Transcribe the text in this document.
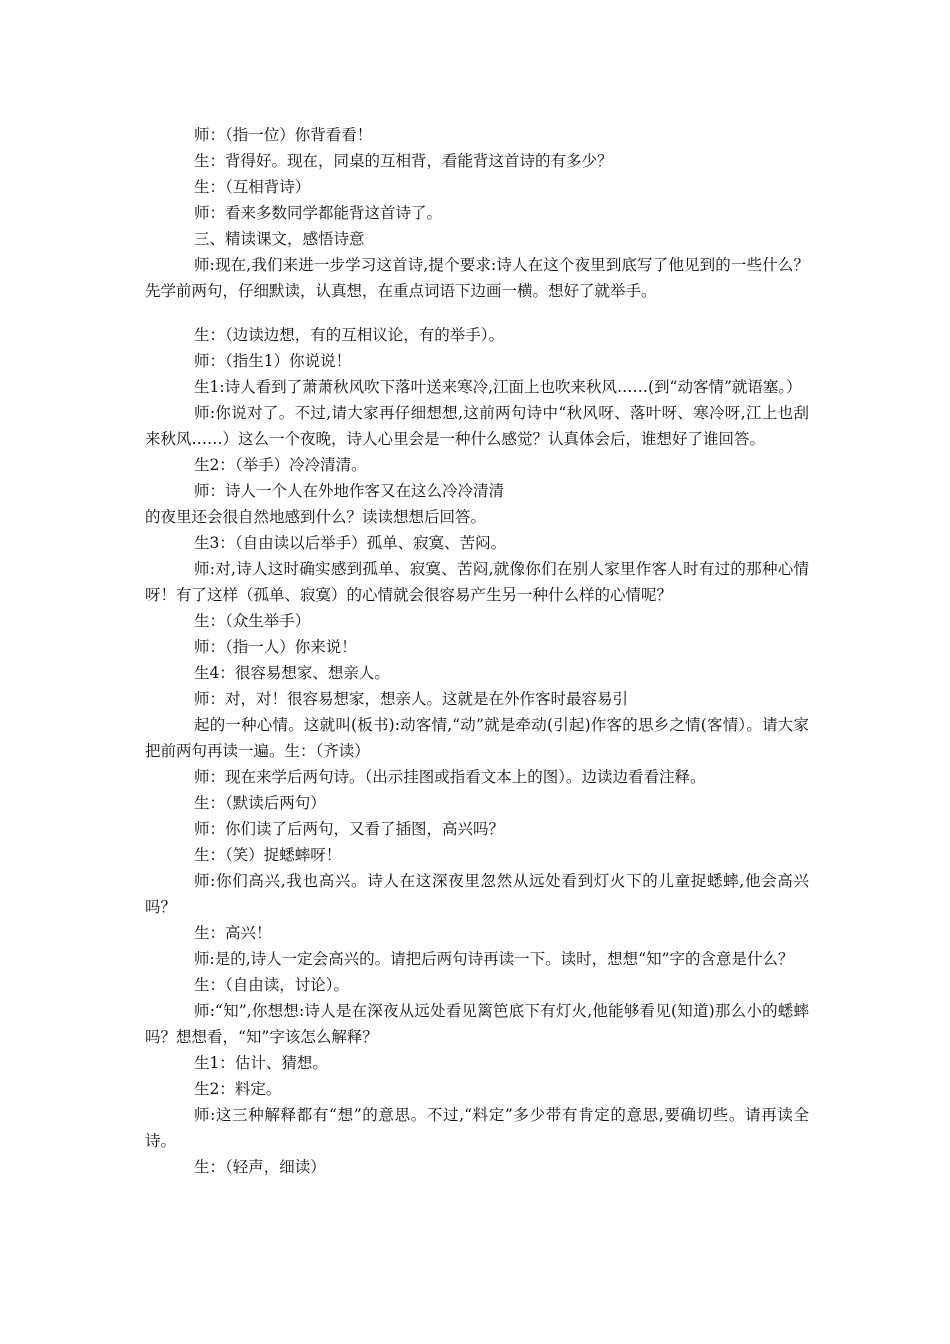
师：（指一位）你背看看！

生：背得好。现在，同桌的互相背，看能背这首诗的有多少？

生：（互相背诗）

师：看来多数同学都能背这首诗了。

三、精读课文，感悟诗意

师:现在,我们来进一步学习这首诗,提个要求:诗人在这个夜里到底写了他见到的一些什么？先学前两句，仔细默读，认真想，在重点词语下边画一横。想好了就举手。

生：（边读边想，有的互相议论，有的举手）。

师：（指生1）你说说！

生1:诗人看到了萧萧秋风吹下落叶送来寒冷,江面上也吹来秋风……(到“动客情”就语塞。）

师:你说对了。不过,请大家再仔细想想,这前两句诗中“秋风呀、落叶呀、寒冷呀,江上也刮来秋风……）这么一个夜晚，诗人心里会是一种什么感觉？认真体会后，谁想好了谁回答。

生2：（举手）冷冷清清。

师：诗人一个人在外地作客又在这么冷冷清清

的夜里还会很自然地感到什么？读读想想后回答。

生3：（自由读以后举手）孤单、寂寞、苦闷。

师:对,诗人这时确实感到孤单、寂寞、苦闷,就像你们在别人家里作客人时有过的那种心情呀！有了这样（孤单、寂寞）的心情就会很容易产生另一种什么样的心情呢？

生：（众生举手）

师：（指一人）你来说！

生4：很容易想家、想亲人。

师：对，对！很容易想家，想亲人。这就是在外作客时最容易引

起的一种心情。这就叫(板书):动客情,“动”就是牵动(引起)作客的思乡之情(客情）。请大家把前两句再读一遍。生：（齐读）

师：现在来学后两句诗。（出示挂图或指看文本上的图）。边读边看看注释。

生：（默读后两句）

师：你们读了后两句，又看了插图，高兴吗？

生：（笑）捉蟋蟀呀！

师:你们高兴,我也高兴。诗人在这深夜里忽然从远处看到灯火下的儿童捉蟋蟀,他会高兴吗？

生：高兴！

师:是的,诗人一定会高兴的。请把后两句诗再读一下。读时，想想“知”字的含意是什么？

生：（自由读，讨论）。

师:“知”,你想想:诗人是在深夜从远处看见篱笆底下有灯火,他能够看见(知道)那么小的蟋蟀吗？想想看，“知”字该怎么解释？

生1：估计、猜想。

生2：料定。

师:这三种解释都有“想”的意思。不过,“料定”多少带有肯定的意思,要确切些。请再读全诗。

生：（轻声，细读）
